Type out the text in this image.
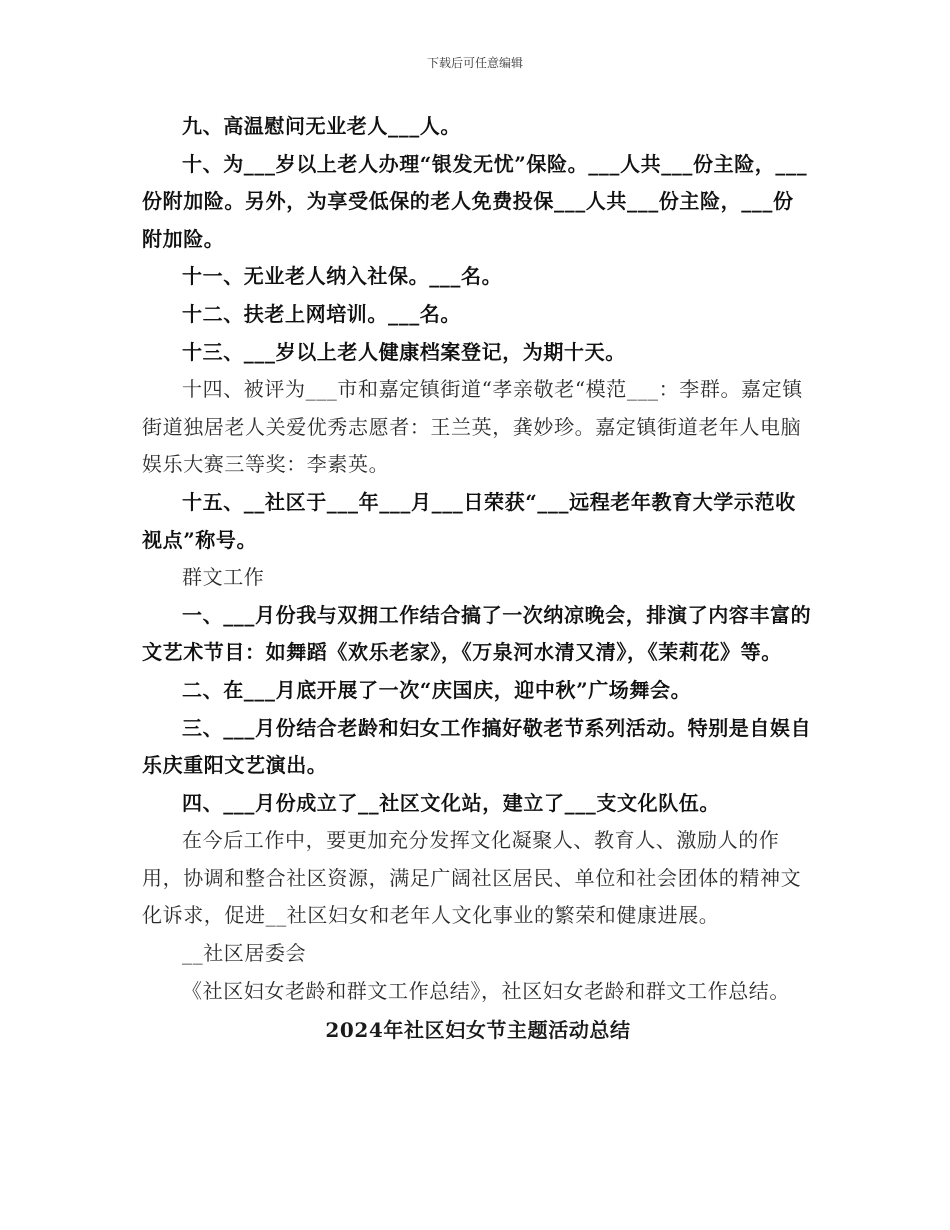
下载后可任意编辑

九、高温慰问无业老人___人。

十、为___岁以上老人办理“银发无忧”保险。___人共___份主险，___份附加险。另外，为享受低保的老人免费投保___人共___份主险，___份附加险。

十一、无业老人纳入社保。___名。

十二、扶老上网培训。___名。

十三、___岁以上老人健康档案登记，为期十天。

十四、被评为___市和嘉定镇街道“孝亲敬老“模范___：李群。嘉定镇街道独居老人关爱优秀志愿者：王兰英，龚妙珍。嘉定镇街道老年人电脑娱乐大赛三等奖：李素英。

十五、__社区于___年___月___日荣获“___远程老年教育大学示范收视点”称号。

群文工作

一、___月份我与双拥工作结合搞了一次纳凉晚会，排演了内容丰富的文艺术节目：如舞蹈《欢乐老家》，《万泉河水清又清》，《茉莉花》等。

二、在___月底开展了一次“庆国庆，迎中秋”广场舞会。

三、___月份结合老龄和妇女工作搞好敬老节系列活动。特别是自娱自乐庆重阳文艺演出。

四、___月份成立了__社区文化站，建立了___支文化队伍。

在今后工作中，要更加充分发挥文化凝聚人、教育人、激励人的作用，协调和整合社区资源，满足广阔社区居民、单位和社会团体的精神文化诉求，促进__社区妇女和老年人文化事业的繁荣和健康进展。

__社区居委会

《社区妇女老龄和群文工作总结》，社区妇女老龄和群文工作总结。

2024年社区妇女节主题活动总结
